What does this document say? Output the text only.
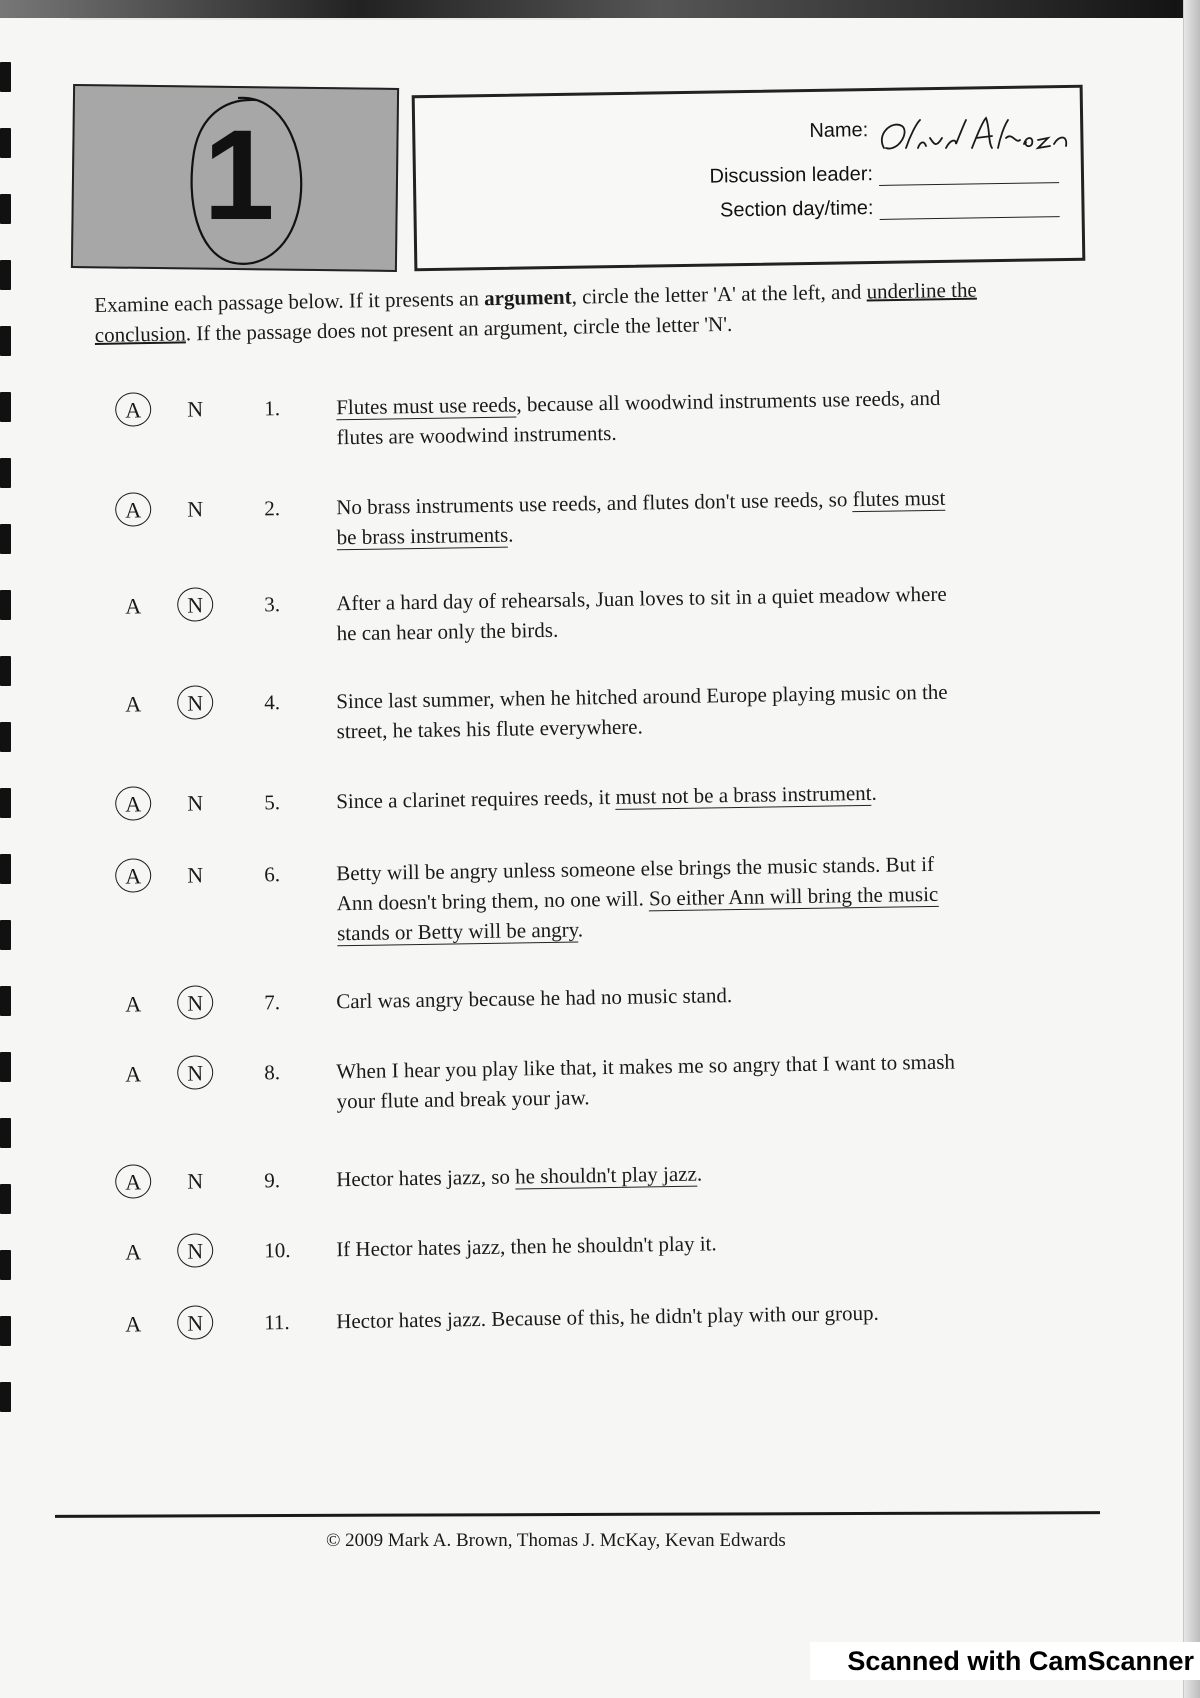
1	Name:
Discussion leader:
Section day/time:
Examine each passage below. If it presents an argument, circle the letter 'A' at the left, and underline the conclusion. If the passage does not present an argument, circle the letter 'N'.
A	N	1.	Flutes must use reeds, because all woodwind instruments use reeds, and
flutes are woodwind instruments.
A	N	2.	No brass instruments use reeds, and flutes don't use reeds, so flutes must
be brass instruments.
A	N	3.	After a hard day of rehearsals, Juan loves to sit in a quiet meadow where
he can hear only the birds.
A	N	4.	Since last summer, when he hitched around Europe playing music on the
street, he takes his flute everywhere.
A	N	5.	Since a clarinet requires reeds, it must not be a brass instrument.
A	N	6.	Betty will be angry unless someone else brings the music stands. But if
Ann doesn't bring them, no one will. So either Ann will bring the music
stands or Betty will be angry.
A	N	7.	Carl was angry because he had no music stand.
A	N	8.	When I hear you play like that, it makes me so angry that I want to smash
your flute and break your jaw.
A	N	9.	Hector hates jazz, so he shouldn't play jazz.
A	N	10.	If Hector hates jazz, then he shouldn't play it.
A	N	11.	Hector hates jazz. Because of this, he didn't play with our group.
© 2009 Mark A. Brown, Thomas J. McKay, Kevan Edwards
Scanned with CamScanner
